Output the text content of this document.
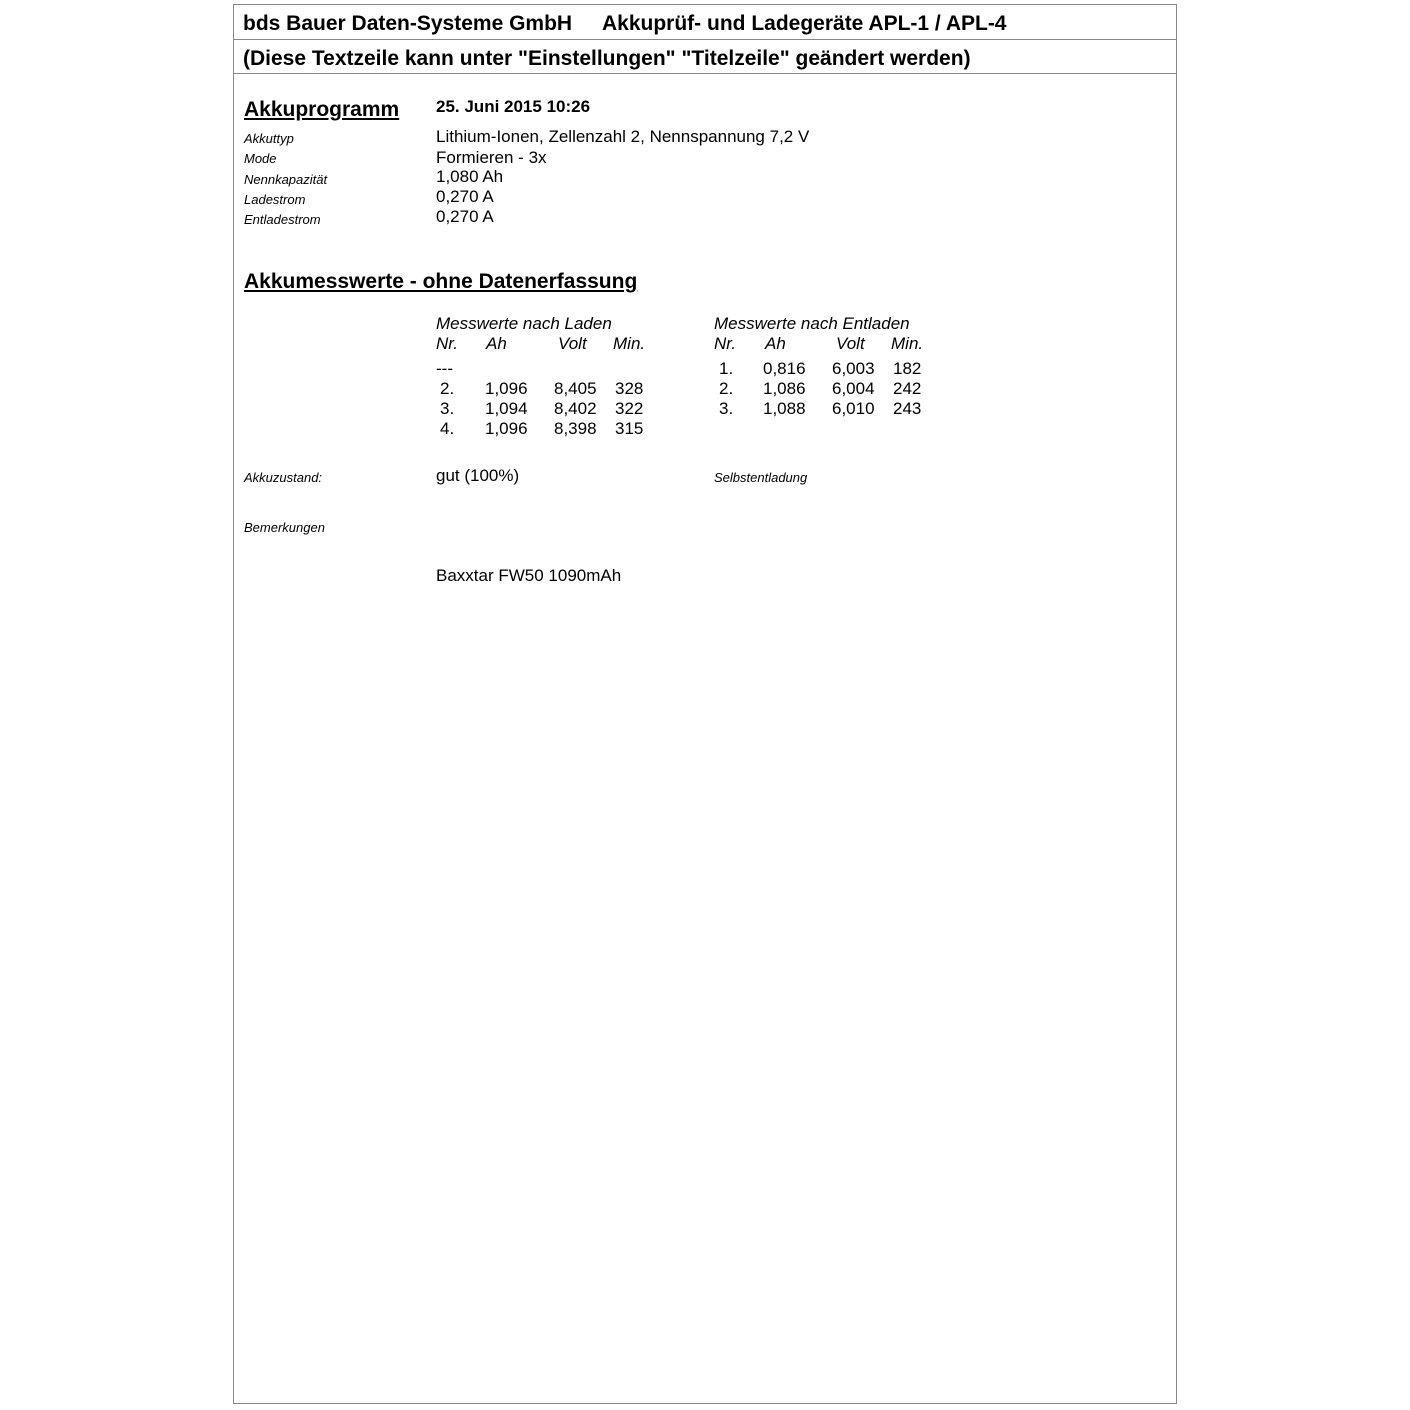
bds Bauer Daten-Systeme GmbH Akkuprüf- und Ladegeräte APL-1 / APL-4
(Diese Textzeile kann unter "Einstellungen" "Titelzeile" geändert werden)
Akkuprogramm 25. Juni 2015 10:26
Akkuttyp	Lithium-Ionen, Zellenzahl 2, Nennspannung 7,2 V
Mode	Formieren - 3x
Nennkapazität	1,080 Ah
Ladestrom	0,270 A
Entladestrom	0,270 A
Akkumesswerte - ohne Datenerfassung
Messwerte nach Laden
Nr. Ah	Volt Min.
---
2. 1,096 8,405 328
3. 1,094 8,402 322
4. 1,096 8,398 315
Messwerte nach Entladen
Nr. Ah	Volt Min.
1. 0,816 6,003 182
2. 1,086 6,004 242
3. 1,088 6,010 243
Akkuzustand:	gut (100%)	Selbstentladung
Bemerkungen
Baxxtar FW50 1090mAh
